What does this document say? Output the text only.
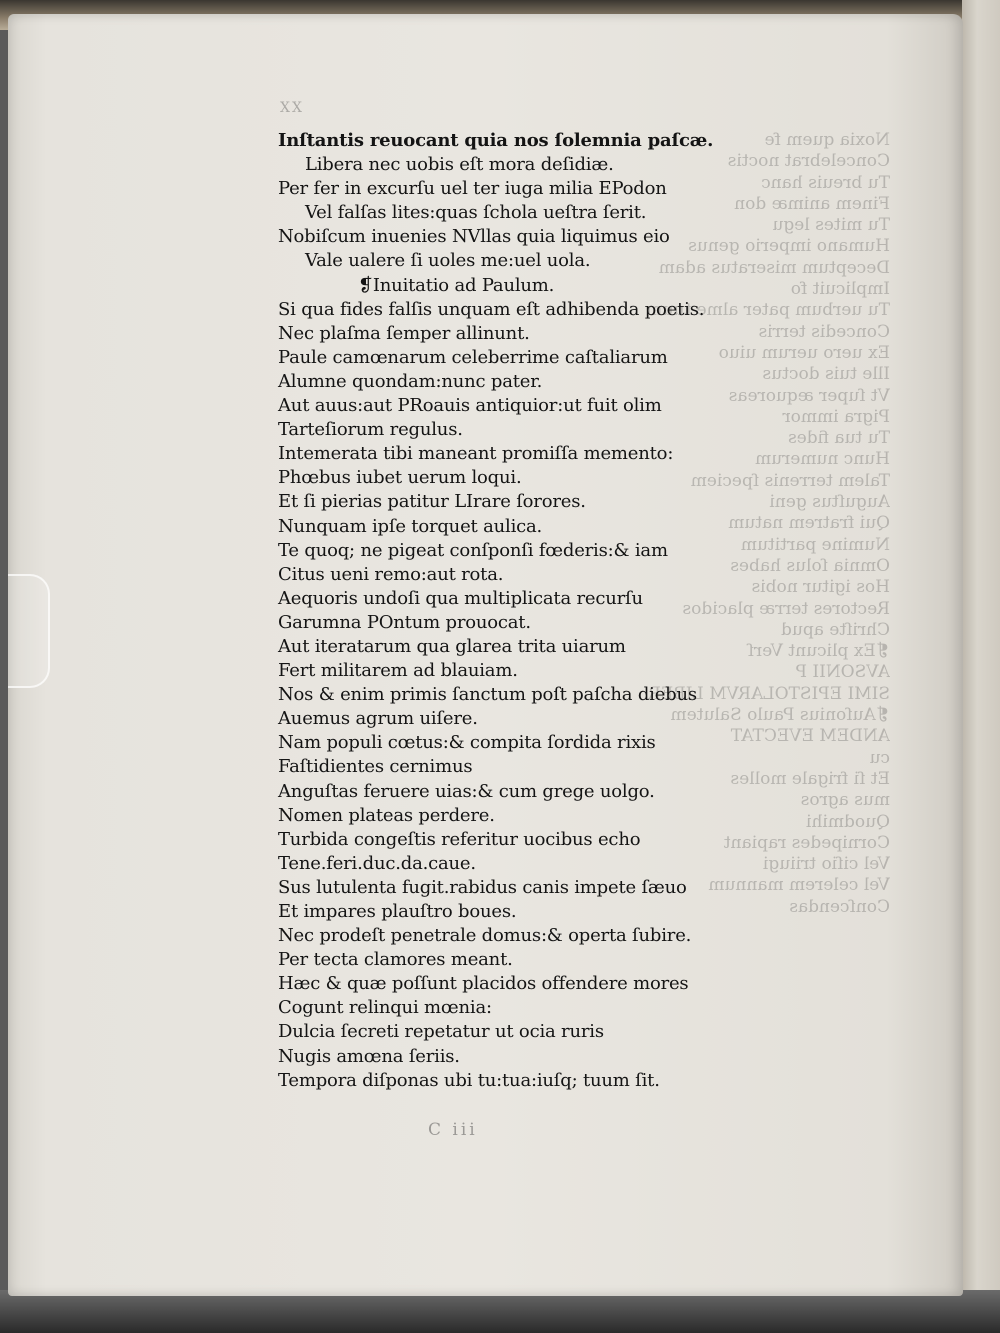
Noxia quem fe
Concelebrat noctis
Tu breuis hanc
Finem animæ don
Tu mites legu
Humano imperio genus
Deceptum miseratus adam
Implicuit fo
Tu uerbum pater alme tuum
Concedis terris
Ex uero uerum uiuo
Ille tuis doctus
Vt ſuper æquoreas
Pigra immor
Tu tua fides
Hunc numerum
Talem terrenis ſpeciem
Auguſtus geni
Qui fratrem natum
Numine partitum
Omnia ſolus habes
Hos igitur nobis
Rectores terræ placidos
Chriſte apud
❡Ex plicunt Verſ
AVSONII P
SIMI EPISTOLARVM LIBER
❡Auſonius Paulo Salutem
ANDEM EVECTAT
cu
Et ſi frigale molles
mus agros
Quodmihi
Cornipedes rapiant
Vel ciſio triiugi
Vel celerem mannum
Conſcendas
XX
Inſtantis reuocant quia nos ſolemnia paſcæ.
Libera nec uobis eſt mora deſidiæ.
Per fer in excurſu uel ter iuga milia EPodon
Vel falſas lites:quas ſchola ueſtra ſerit.
Nobiſcum inuenies NVllas quia liquimus eio
Vale ualere ſi uoles me:uel uola.
❡Inuitatio ad Paulum.
Si qua fides falſis unquam eſt adhibenda poetis.
Nec plaſma ſemper allinunt.
Paule camœnarum celeberrime caſtaliarum
Alumne quondam:nunc pater.
Aut auus:aut PRoauis antiquior:ut fuit olim
Tarteſiorum regulus.
Intemerata tibi maneant promiſſa memento:
Phœbus iubet uerum loqui.
Et ſi pierias patitur LIrare ſorores.
Nunquam ipſe torquet aulica.
Te quoq; ne pigeat conſponſi fœderis:& iam
Citus ueni remo:aut rota.
Aequoris undoſi qua multiplicata recurſu
Garumna POntum prouocat.
Aut iteratarum qua glarea trita uiarum
Fert militarem ad blauiam.
Nos & enim primis ſanctum poſt paſcha diebus
Auemus agrum uiſere.
Nam populi cœtus:& compita ſordida rixis
Faſtidientes cernimus
Anguſtas feruere uias:& cum grege uolgo.
Nomen plateas perdere.
Turbida congeſtis referitur uocibus echo
Tene.feri.duc.da.caue.
Sus lutulenta fugit.rabidus canis impete ſæuo
Et impares plauſtro boues.
Nec prodeſt penetrale domus:& operta ſubire.
Per tecta clamores meant.
Hæc & quæ poſſunt placidos offendere mores
Cogunt relinqui mœnia:
Dulcia ſecreti repetatur ut ocia ruris
Nugis amœna ſeriis.
Tempora diſponas ubi tu:tua:iuſq; tuum ſit.
C iii
